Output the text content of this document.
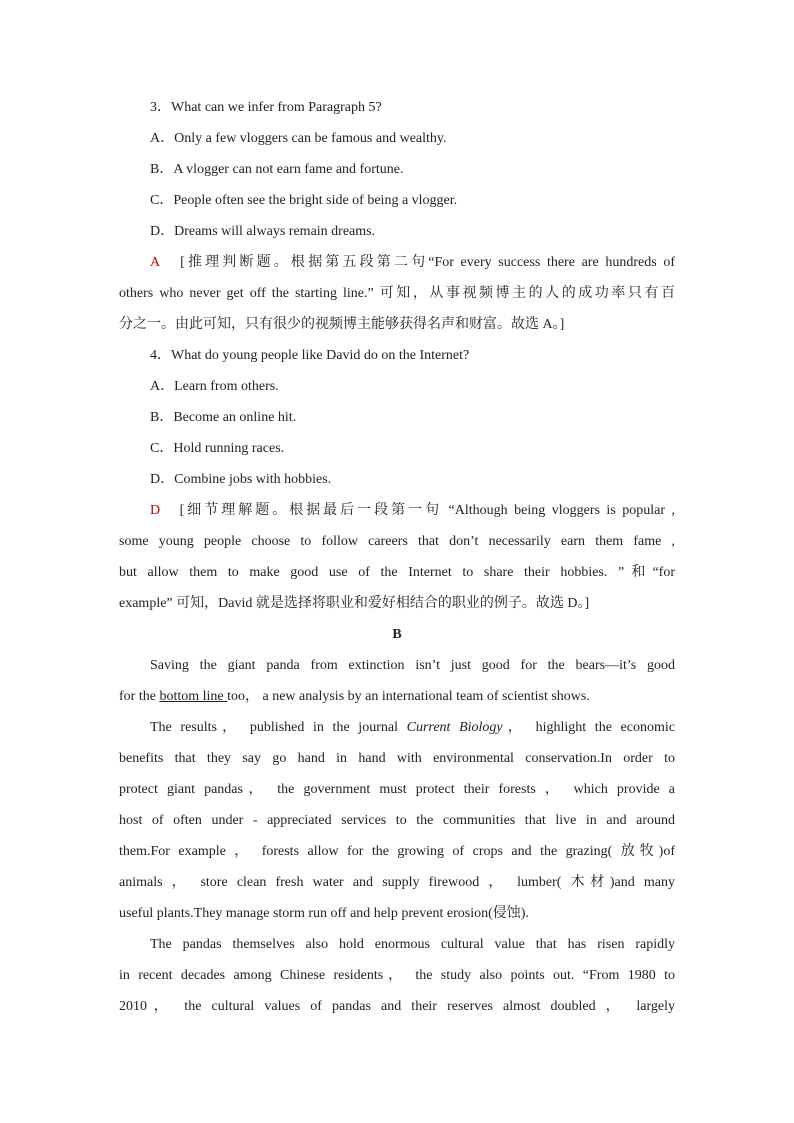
3．What can we infer from Paragraph 5?

A．Only a few vloggers can be famous and wealthy.

B．A vlogger can not earn fame and fortune.

C．People often see the bright side of being a vlogger.

D．Dreams will always remain dreams.

A [推理判断题。根据第五段第二句“For every success there are hundreds of

others who never get off the starting line.” 可知，从事视频博主的人的成功率只有百

分之一。由此可知，只有很少的视频博主能够获得名声和财富。故选 A。]

4．What do young people like David do on the Internet?

A．Learn from others.

B．Become an online hit.

C．Hold running races.

D．Combine jobs with hobbies.

D [细节理解题。根据最后一段第一句 “Although being vloggers is popular ,

some young people choose to follow careers that don’t necessarily earn them fame ,

but allow them to make good use of the Internet to share their hobbies. ”和“for

example” 可知，David 就是选择将职业和爱好相结合的职业的例子。故选 D。]

B

Saving the giant panda from extinction isn’t just good for the bears—it’s good

for the bottom line too， a new analysis by an international team of scientist shows.

The results， published in the journal Current Biology， highlight the economic

benefits that they say go hand in hand with environmental conservation.In order to

protect giant pandas， the government must protect their forests ， which provide a

host of often under - appreciated services to the communities that live in and around

them.For example ， forests allow for the growing of crops and the grazing( 放牧)of

animals ， store clean fresh water and supply firewood ， lumber( 木材)and many

useful plants.They manage storm run off and help prevent erosion(侵蚀).

The pandas themselves also hold enormous cultural value that has risen rapidly

in recent decades among Chinese residents， the study also points out. “From 1980 to

2010， the cultural values of pandas and their reserves almost doubled ， largely
